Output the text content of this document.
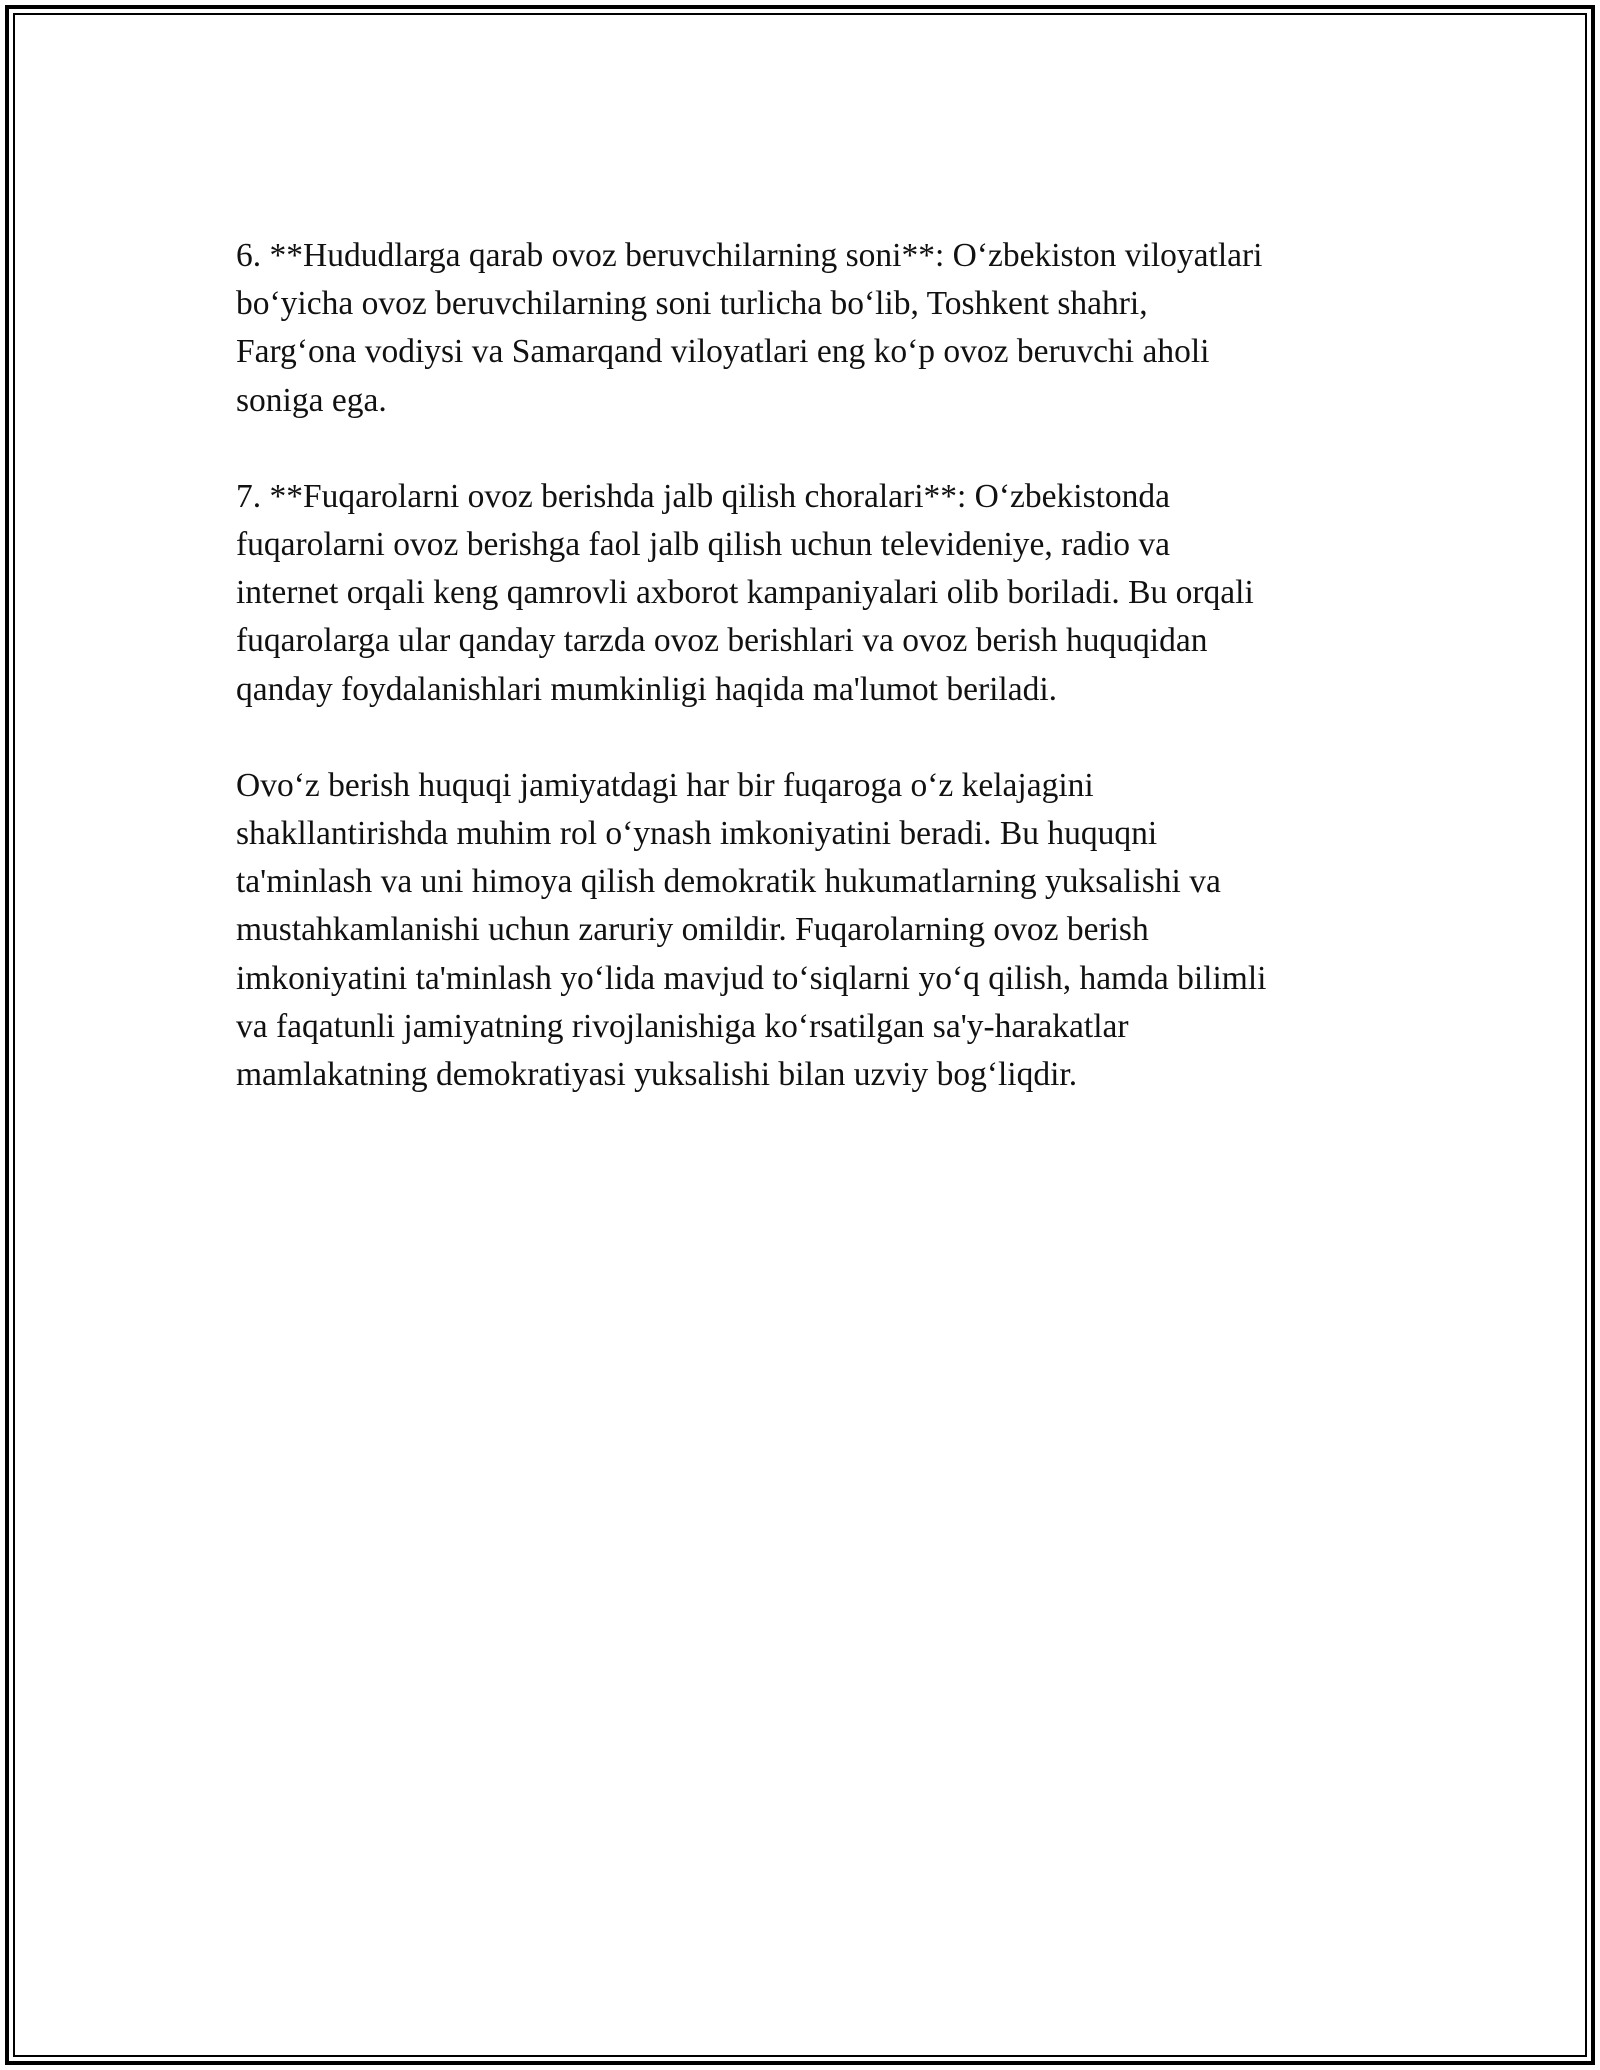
6. **Hududlarga qarab ovoz beruvchilarning soni**: O‘zbekiston viloyatlari
bo‘yicha ovoz beruvchilarning soni turlicha bo‘lib, Toshkent shahri,
Farg‘ona vodiysi va Samarqand viloyatlari eng ko‘p ovoz beruvchi aholi
soniga ega.
7. **Fuqarolarni ovoz berishda jalb qilish choralari**: O‘zbekistonda
fuqarolarni ovoz berishga faol jalb qilish uchun televideniye, radio va
internet orqali keng qamrovli axborot kampaniyalari olib boriladi. Bu orqali
fuqarolarga ular qanday tarzda ovoz berishlari va ovoz berish huquqidan
qanday foydalanishlari mumkinligi haqida ma'lumot beriladi.
Ovo‘z berish huquqi jamiyatdagi har bir fuqaroga o‘z kelajagini
shakllantirishda muhim rol o‘ynash imkoniyatini beradi. Bu huquqni
ta'minlash va uni himoya qilish demokratik hukumatlarning yuksalishi va
mustahkamlanishi uchun zaruriy omildir. Fuqarolarning ovoz berish
imkoniyatini ta'minlash yo‘lida mavjud to‘siqlarni yo‘q qilish, hamda bilimli
va faqatunli jamiyatning rivojlanishiga ko‘rsatilgan sa'y-harakatlar
mamlakatning demokratiyasi yuksalishi bilan uzviy bog‘liqdir.
